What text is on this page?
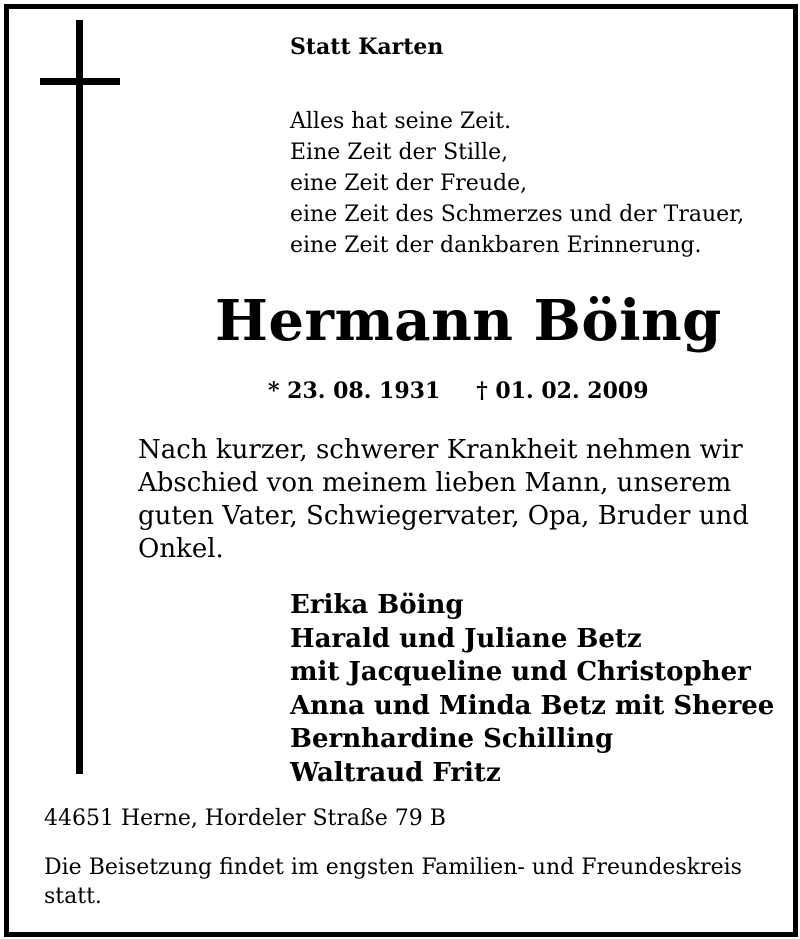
Statt Karten
Alles hat seine Zeit.
Eine Zeit der Stille,
eine Zeit der Freude,
eine Zeit des Schmerzes und der Trauer,
eine Zeit der dankbaren Erinnerung.
Hermann Böing
* 23. 08. 1931 † 01. 02. 2009
Nach kurzer, schwerer Krankheit nehmen wir
Abschied von meinem lieben Mann, unserem
guten Vater, Schwiegervater, Opa, Bruder und
Onkel.
Erika Böing
Harald und Juliane Betz
mit Jacqueline und Christopher
Anna und Minda Betz mit Sheree
Bernhardine Schilling
Waltraud Fritz
44651 Herne, Hordeler Straße 79 B
Die Beisetzung findet im engsten Familien- und Freundeskreis
statt.
